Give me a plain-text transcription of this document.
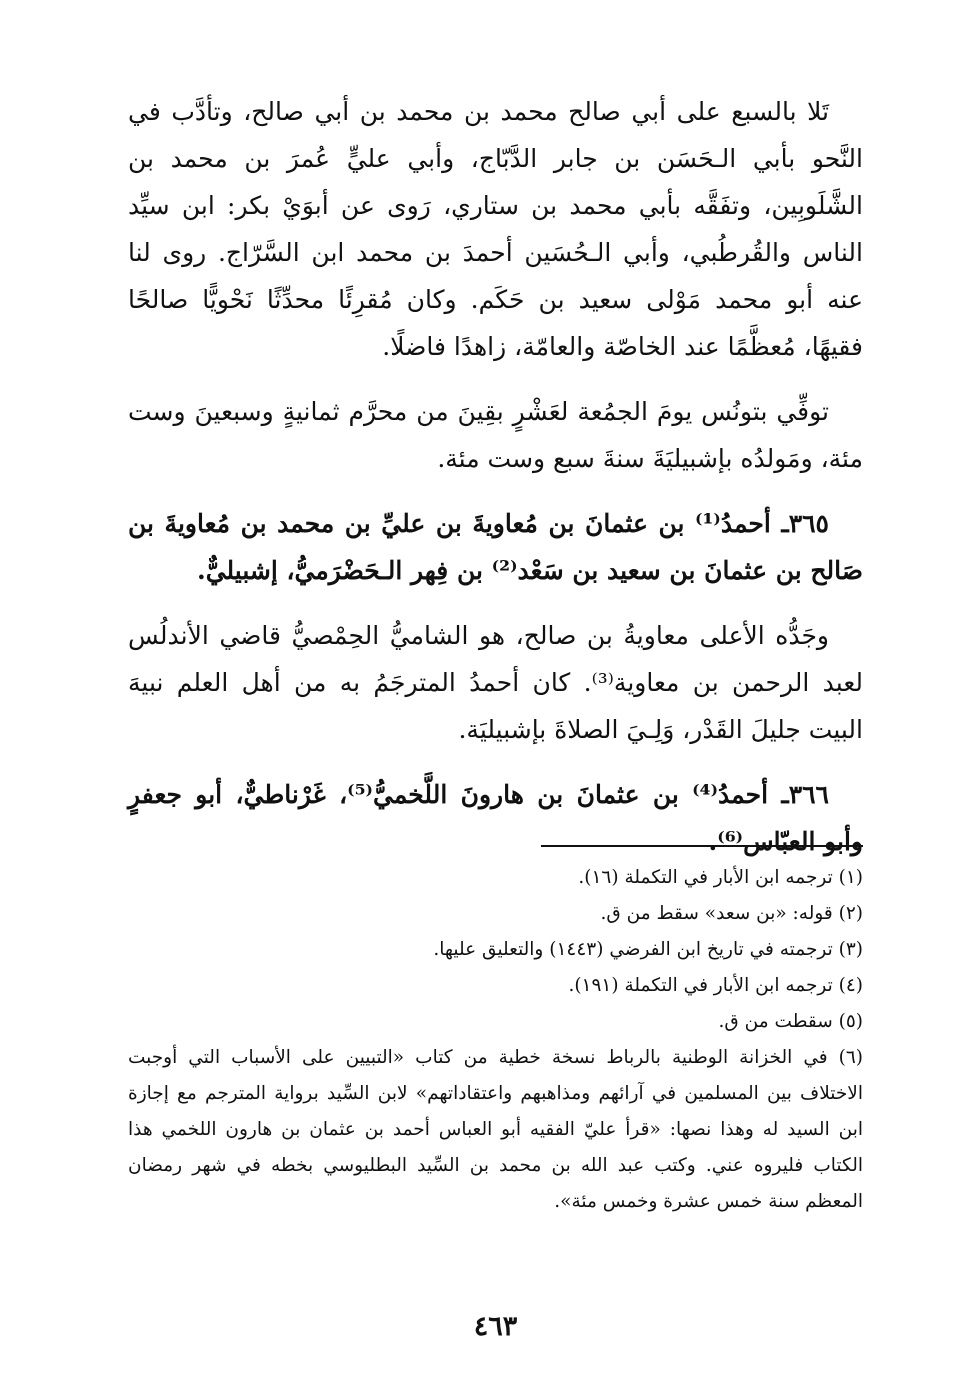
تَلا بالسبع على أبي صالح محمد بن محمد بن أبي صالح، وتأدَّب في النَّحو بأبي الـحَسَن بن جابر الدَّبّاج، وأبي عليٍّ عُمرَ بن محمد بن الشَّلَوبِين، وتفَقَّه بأبي محمد بن ستاري، رَوى عن أبوَيْ بكر: ابن سيِّد الناس والقُرطُبي، وأبي الـحُسَين أحمدَ بن محمد ابن السَّرّاج. روى لنا عنه أبو محمد مَوْلى سعيد بن حَكَم. وكان مُقرِئًا محدِّثًا نَحْويًّا صالحًا فقيهًا، مُعظَّمًا عند الخاصّة والعامّة، زاهدًا فاضلًا.

توفِّي بتونُس يومَ الجمُعة لعَشْرٍ بقِينَ من محرَّم ثمانيةٍ وسبعينَ وست مئة، ومَولدُه بإشبيليَةَ سنةَ سبع وست مئة.

٣٦٥ـ أحمدُ⁽¹⁾ بن عثمانَ بن مُعاويةَ بن عليِّ بن محمد بن مُعاويةَ بن صَالح بن عثمانَ بن سعيد بن سَعْد⁽²⁾ بن فِهر الـحَضْرَميُّ، إشبيليٌّ.

وجَدُّه الأعلى معاويةُ بن صالح، هو الشاميُّ الحِمْصيُّ قاضي الأندلُس لعبد الرحمن بن معاوية⁽³⁾. كان أحمدُ المترجَمُ به من أهل العلم نبيهَ البيت جليلَ القَدْر، وَلِـيَ الصلاةَ بإشبيليَة.

٣٦٦ـ أحمدُ⁽⁴⁾ بن عثمانَ بن هارونَ اللَّخميُّ⁽⁵⁾، غَرْناطيٌّ، أبو جعفرٍ وأبو العبّاس⁽⁶⁾.

(١) ترجمه ابن الأبار في التكملة (١٦).

(٢) قوله: «بن سعد» سقط من ق.

(٣) ترجمته في تاريخ ابن الفرضي (١٤٤٣) والتعليق عليها.

(٤) ترجمه ابن الأبار في التكملة (١٩١).

(٥) سقطت من ق.

(٦) في الخزانة الوطنية بالرباط نسخة خطية من كتاب «التبيين على الأسباب التي أوجبت الاختلاف بين المسلمين في آرائهم ومذاهبهم واعتقاداتهم» لابن السِّيد برواية المترجم مع إجازة ابن السيد له وهذا نصها: «قرأ عليّ الفقيه أبو العباس أحمد بن عثمان بن هارون اللخمي هذا الكتاب فليروه عني. وكتب عبد الله بن محمد بن السِّيد البطليوسي بخطه في شهر رمضان المعظم سنة خمس عشرة وخمس مئة».

٤٦٣
